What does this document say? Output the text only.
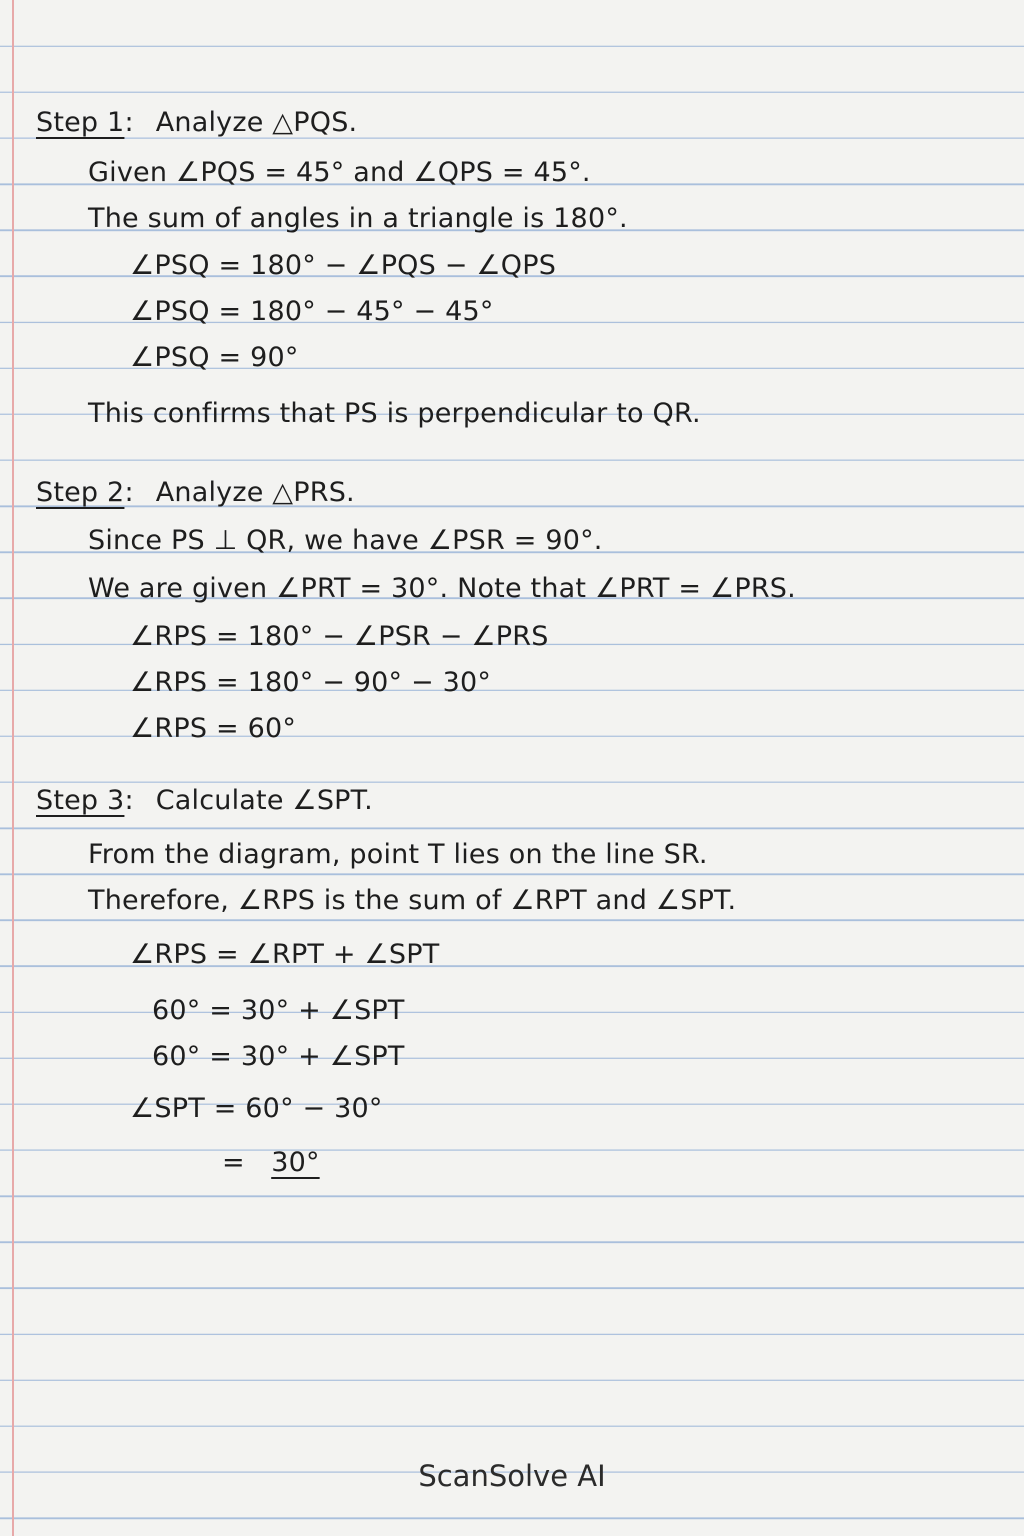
Step 1: Analyze △PQS.
Given ∠PQS = 45° and ∠QPS = 45°.
The sum of angles in a triangle is 180°.
∠PSQ = 180° − ∠PQS − ∠QPS
∠PSQ = 180° − 45° − 45°
∠PSQ = 90°
This confirms that PS is perpendicular to QR.
Step 2: Analyze △PRS.
Since PS ⊥ QR, we have ∠PSR = 90°.
We are given ∠PRT = 30°. Note that ∠PRT = ∠PRS.
∠RPS = 180° − ∠PSR − ∠PRS
∠RPS = 180° − 90° − 30°
∠RPS = 60°
Step 3: Calculate ∠SPT.
From the diagram, point T lies on the line SR.
Therefore, ∠RPS is the sum of ∠RPT and ∠SPT.
∠RPS = ∠RPT + ∠SPT
60° = 30° + ∠SPT
60° = 30° + ∠SPT
∠SPT = 60° − 30°
= 30°
ScanSolve AI
